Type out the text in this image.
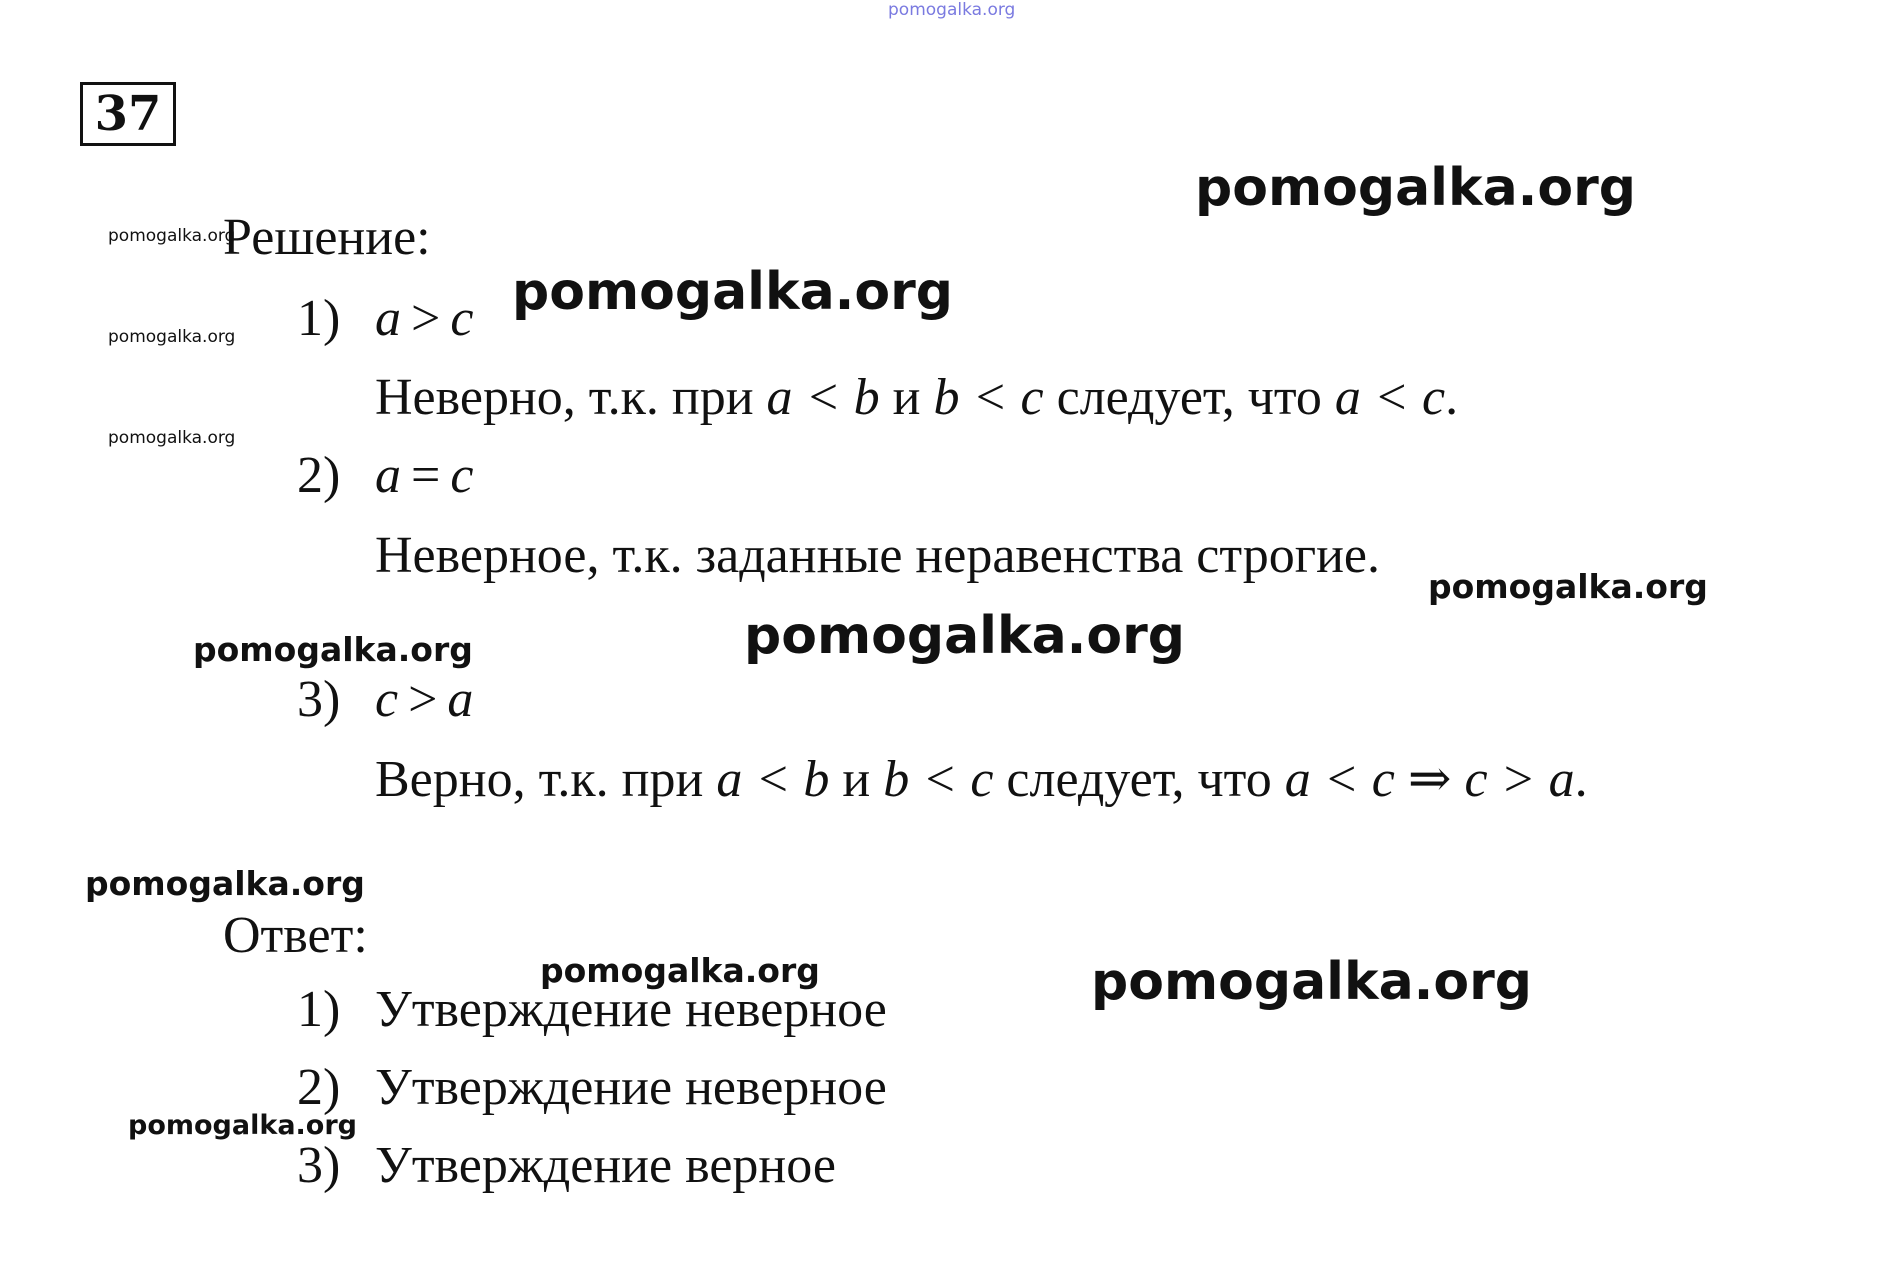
pomogalka.org
37
Решение:
1) a > c
Неверно, т.к. при a < b и b < c следует, что a < c.
2) a = c
Неверное, т.к. заданные неравенства строгие.
3) c > a
Верно, т.к. при a < b и b < c следует, что a < c ⇒ c > a.
Ответ:
1) Утверждение неверное
2) Утверждение неверное
3) Утверждение верное
pomogalka.org
pomogalka.org
pomogalka.org
pomogalka.org
pomogalka.org
pomogalka.org
pomogalka.org
pomogalka.org
pomogalka.org
pomogalka.org	pomogalka.org
pomogalka.org
